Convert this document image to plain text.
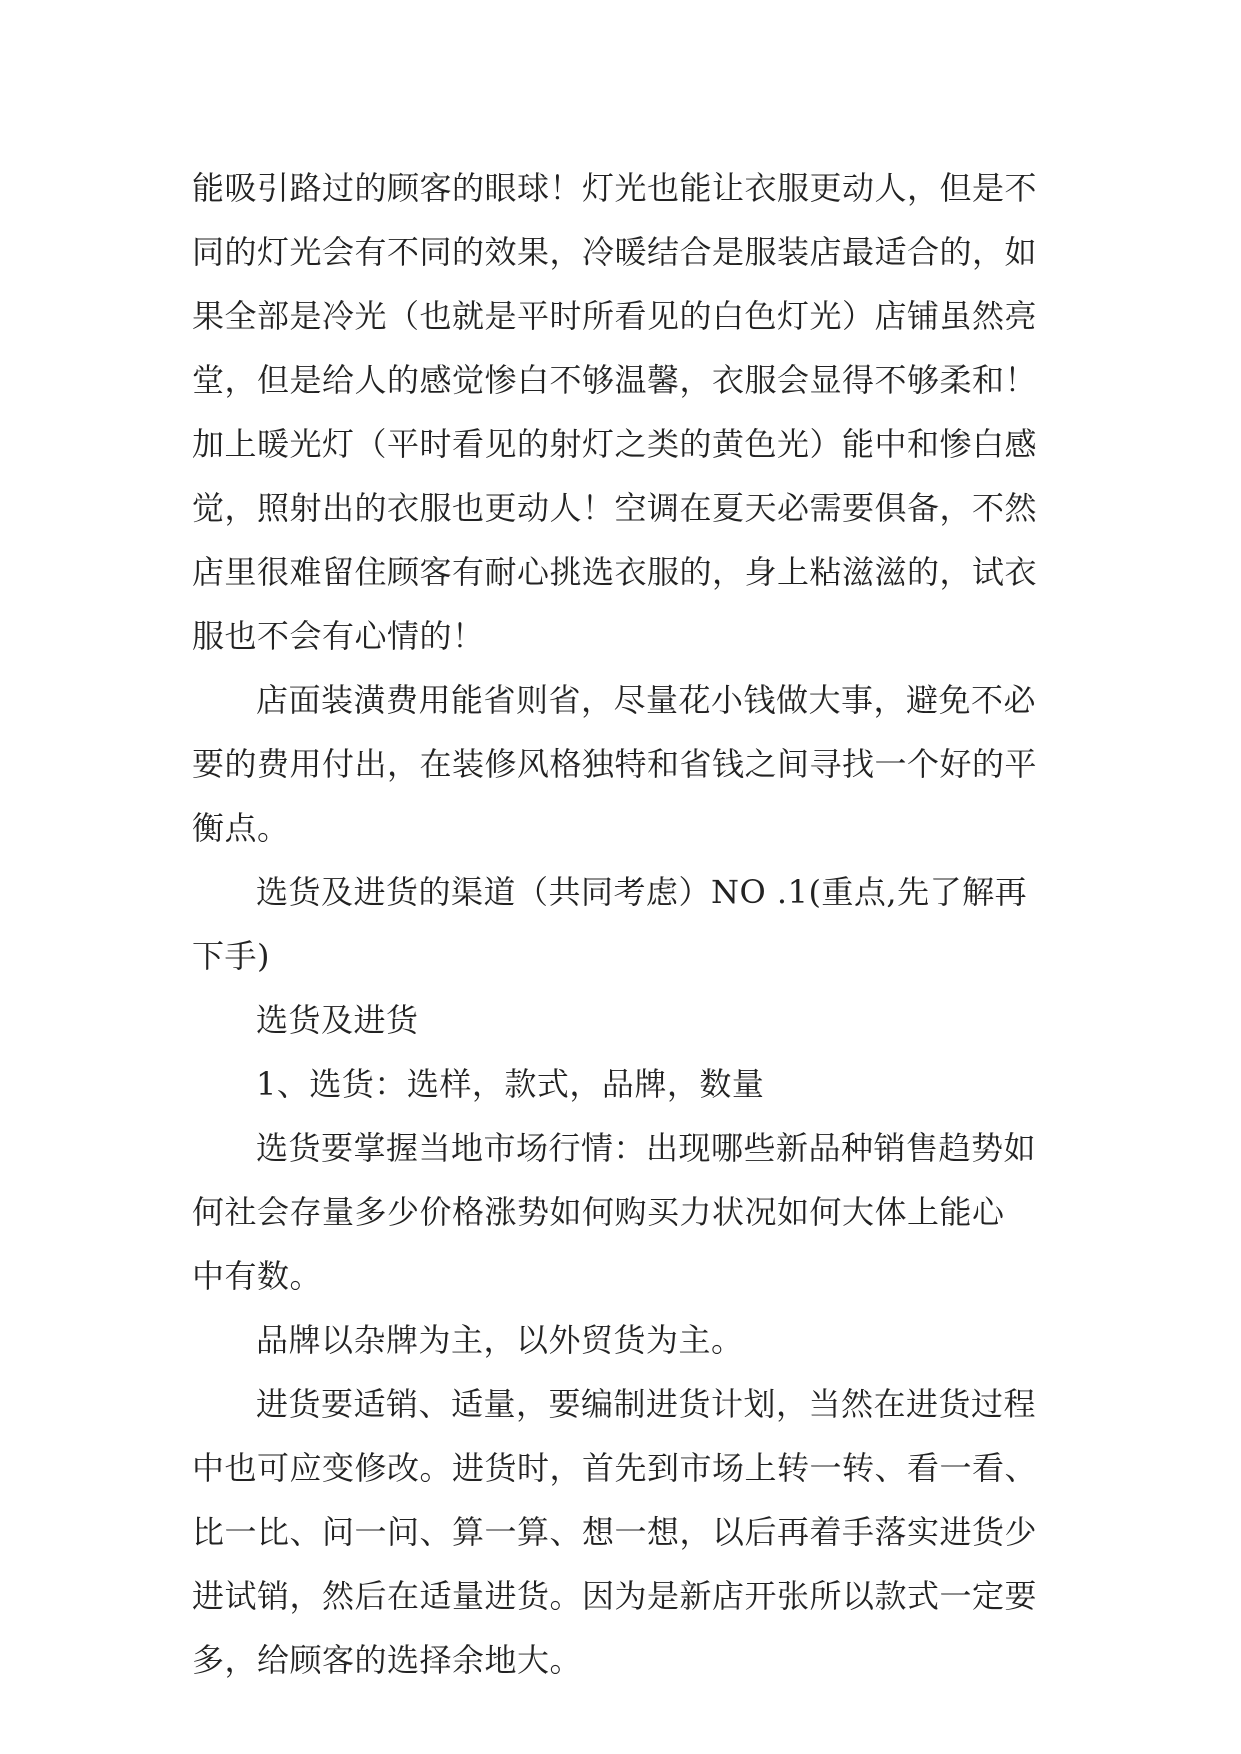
能吸引路过的顾客的眼球！灯光也能让衣服更动人，但是不
同的灯光会有不同的效果，冷暖结合是服装店最适合的，如
果全部是冷光（也就是平时所看见的白色灯光）店铺虽然亮
堂，但是给人的感觉惨白不够温馨，衣服会显得不够柔和！
加上暖光灯（平时看见的射灯之类的黄色光）能中和惨白感
觉，照射出的衣服也更动人！空调在夏天必需要俱备，不然
店里很难留住顾客有耐心挑选衣服的，身上粘滋滋的，试衣
服也不会有心情的！
店面装潢费用能省则省，尽量花小钱做大事，避免不必
要的费用付出，在装修风格独特和省钱之间寻找一个好的平
衡点。
选货及进货的渠道（共同考虑）NO .1(重点,先了解再
下手)
选货及进货
1、选货：选样，款式，品牌，数量
选货要掌握当地市场行情：出现哪些新品种销售趋势如
何社会存量多少价格涨势如何购买力状况如何大体上能心
中有数。
品牌以杂牌为主，以外贸货为主。
进货要适销、适量，要编制进货计划，当然在进货过程
中也可应变修改。进货时，首先到市场上转一转、看一看、
比一比、问一问、算一算、想一想，以后再着手落实进货少
进试销，然后在适量进货。因为是新店开张所以款式一定要
多，给顾客的选择余地大。
